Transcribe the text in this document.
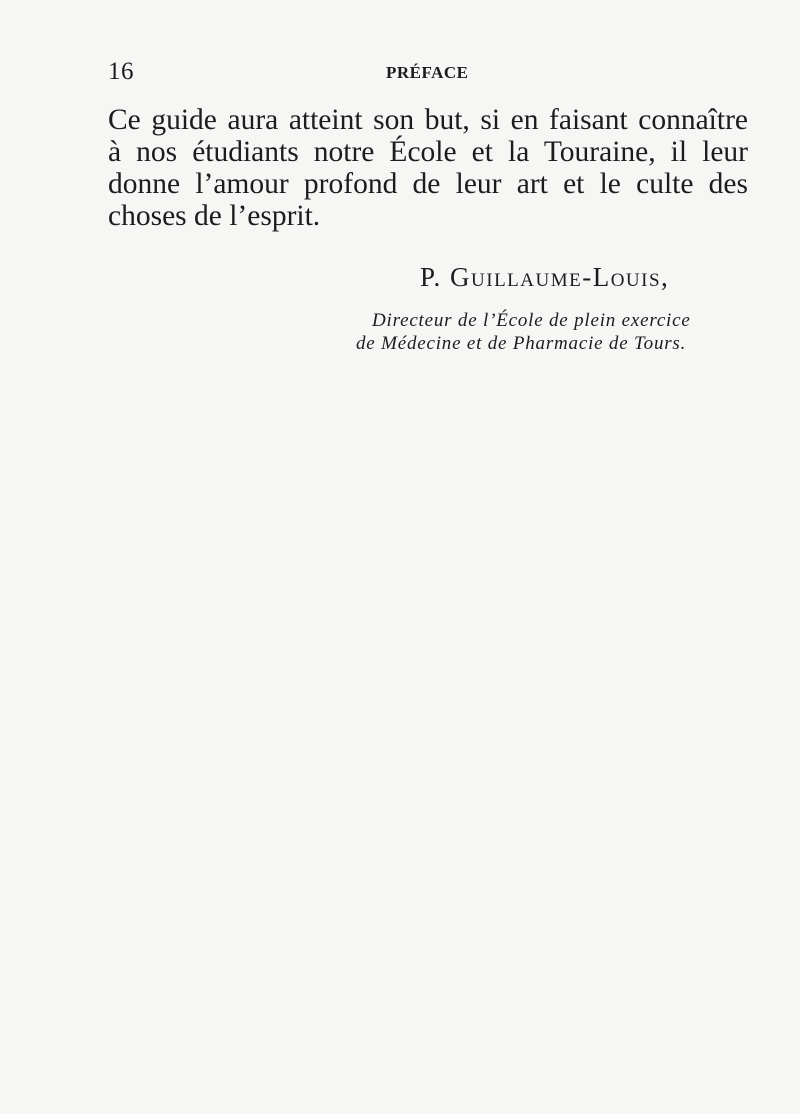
16	PRÉFACE
Ce guide aura atteint son but, si en faisant connaître
à nos étudiants notre École et la Touraine, il leur
donne l’amour profond de leur art et le culte des
choses de l’esprit.
P. Guillaume-Louis,
Directeur de l’École de plein exercice
de Médecine et de Pharmacie de Tours.
